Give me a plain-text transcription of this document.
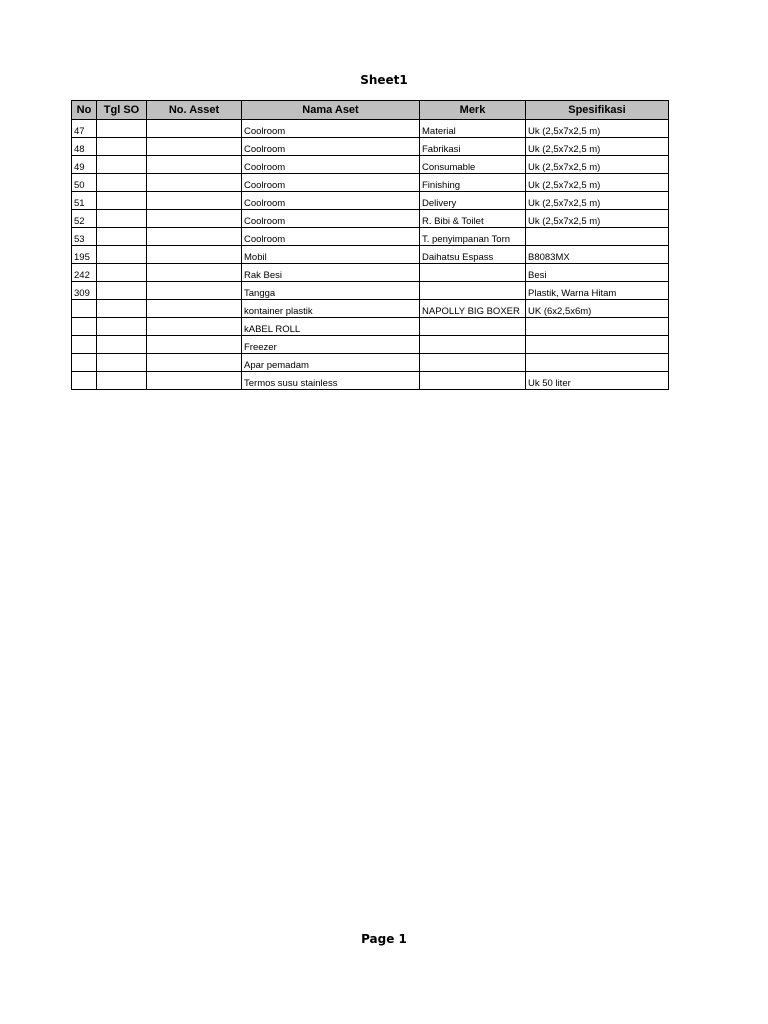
Sheet1
No	Tgl SO	No. Asset	Nama Aset	Merk	Spesifikasi
47			Coolroom	Material	Uk (2,5x7x2,5 m)
48			Coolroom	Fabrikasi	Uk (2,5x7x2,5 m)
49			Coolroom	Consumable	Uk (2,5x7x2,5 m)
50			Coolroom	Finishing	Uk (2,5x7x2,5 m)
51			Coolroom	Delivery	Uk (2,5x7x2,5 m)
52			Coolroom	R. Bibi & Toilet	Uk (2,5x7x2,5 m)
53			Coolroom	T. penyimpanan Torn	
195			Mobil	Daihatsu Espass	B8083MX
242			Rak Besi		Besi
309			Tangga		Plastik, Warna Hitam
			kontainer plastik	NAPOLLY BIG BOXER	UK (6x2,5x6m)
			kABEL ROLL		
			Freezer		
			Apar pemadam		
			Termos susu stainless		Uk 50 liter
Page 1
